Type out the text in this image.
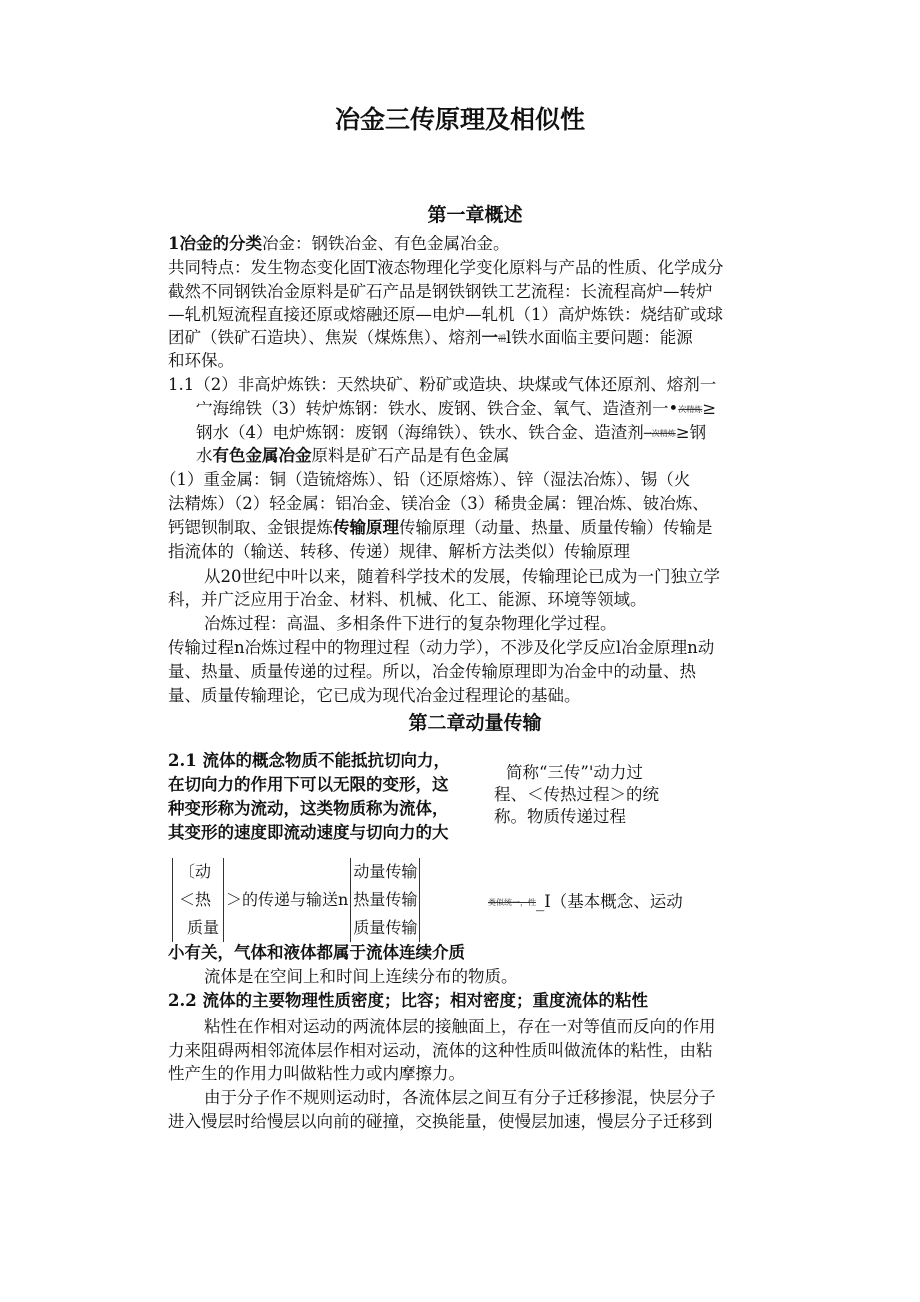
冶金三传原理及相似性
第一章概述

1冶金的分类冶金：钢铁冶金、有色金属冶金。

共同特点：发生物态变化固T液态物理化学变化原料与产品的性质、化学成分

截然不同钢铁冶金原料是矿石产品是钢铁钢铁工艺流程：长流程高炉—转炉

—轧机短流程直接还原或熔融还原—电炉—轧机（1）高炉炼铁：烧结矿或球

团矿（铁矿石造块）、焦炭（煤炼焦）、熔剂一滔l铁水面临主要问题：能源

和环保。

1.1（2）非高炉炼铁：天然块矿、粉矿或造块、块煤或气体还原剂、熔剂一

宀海绵铁（3）转炉炼钢：铁水、废钢、铁合金、氧气、造渣剂一•次精炼≥

钢水（4）电炉炼钢：废钢（海绵铁）、铁水、铁合金、造渣剂一次精炼≥钢

水有色金属冶金原料是矿石产品是有色金属

（1）重金属：铜（造锍熔炼）、铅（还原熔炼）、锌（湿法冶炼）、锡（火

法精炼）（2）轻金属：铝冶金、镁冶金（3）稀贵金属：锂冶炼、铍冶炼、

钙锶钡制取、金银提炼传输原理传输原理（动量、热量、质量传输）传输是

指流体的（输送、转移、传递）规律、解析方法类似）传输原理

从20世纪中叶以来，随着科学技术的发展，传输理论已成为一门独立学

科，并广泛应用于冶金、材料、机械、化工、能源、环境等领域。

冶炼过程：高温、多相条件下进行的复杂物理化学过程。

传输过程n冶炼过程中的物理过程（动力学），不涉及化学反应l冶金原理n动

量、热量、质量传递的过程。所以，冶金传输原理即为冶金中的动量、热

量、质量传输理论，它已成为现代冶金过程理论的基础。

第二章动量传输

2.1 流体的概念物质不能抵抗切向力，

在切向力的作用下可以无限的变形，这

种变形称为流动，这类物质称为流体，

其变形的速度即流动速度与切向力的大

简称“三传”'动力过
程、＜传热过程＞的统
称。物质传递过程
〔动	＞的传递与输送n	动量传输
＜热		热量传输
质量		质量传输
类似统一，性_I（基本概念、运动

小有关，气体和液体都属于流体连续介质

流体是在空间上和时间上连续分布的物质。

2.2 流体的主要物理性质密度；比容；相对密度；重度流体的粘性

粘性在作相对运动的两流体层的接触面上，存在一对等值而反向的作用

力来阻碍两相邻流体层作相对运动，流体的这种性质叫做流体的粘性，由粘

性产生的作用力叫做粘性力或内摩擦力。

由于分子作不规则运动时，各流体层之间互有分子迁移掺混，快层分子

进入慢层时给慢层以向前的碰撞，交换能量，使慢层加速，慢层分子迁移到
